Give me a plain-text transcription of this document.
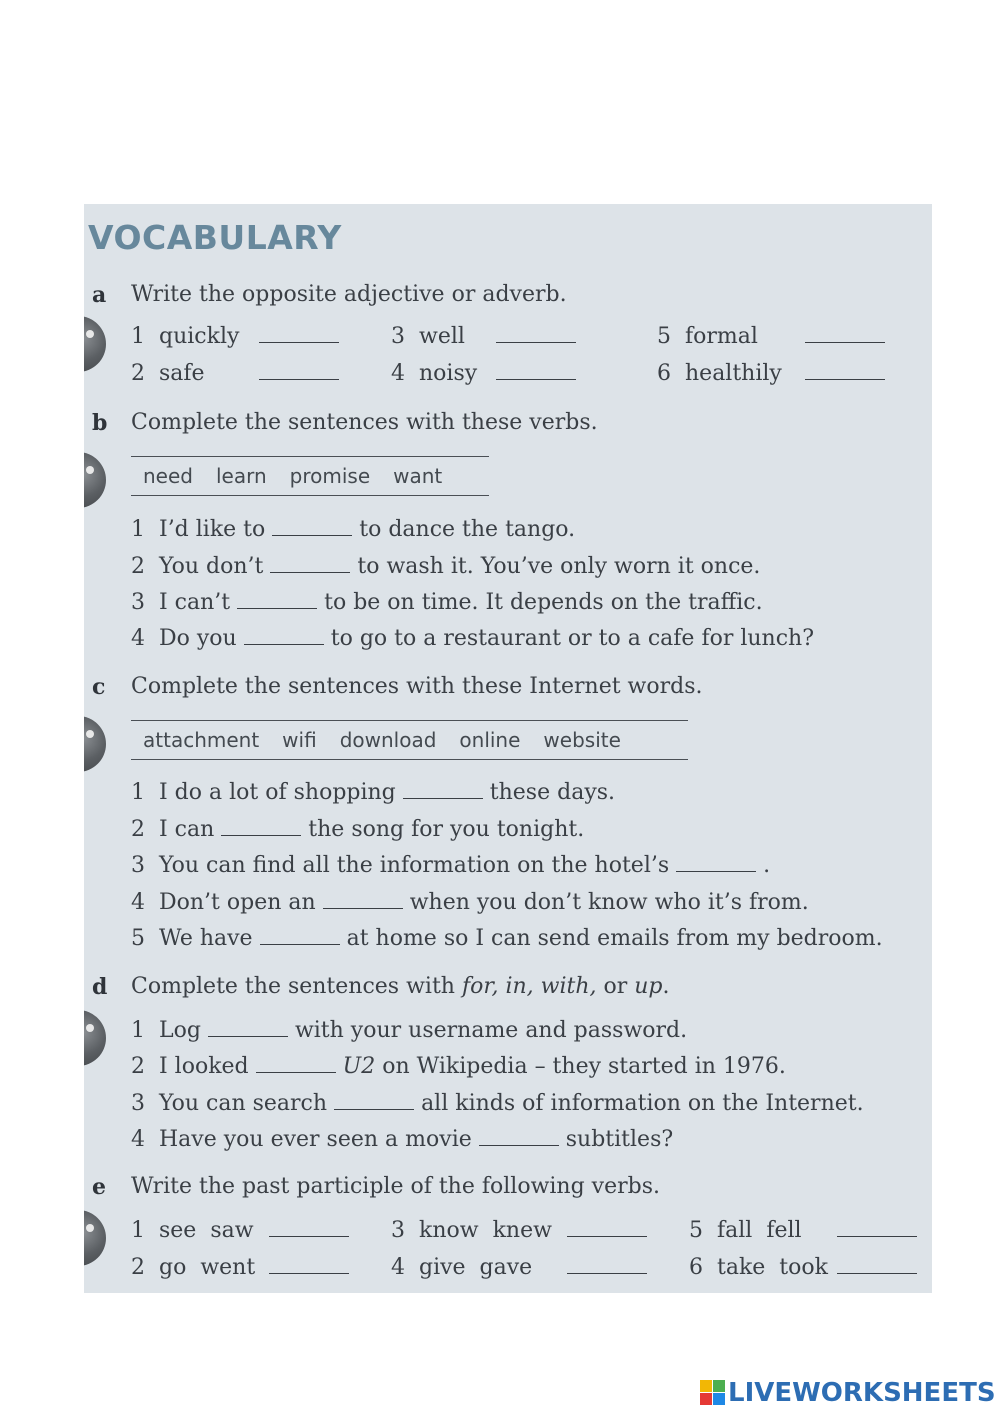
VOCABULARY
a Write the opposite adjective or adverb.
1 quickly	3 well	5 formal
2 safe	4 noisy	6 healthily
b Complete the sentences with these verbs.
need learn promise want
1 I’d like to	to dance the tango.
2 You don’t	to wash it. You’ve only worn it once.
3 I can’t	to be on time. It depends on the traffic.
4 Do you	to go to a restaurant or to a cafe for lunch?
c Complete the sentences with these Internet words.
attachment wifi download online website
1 I do a lot of shopping	these days.
2 I can	the song for you tonight.
3 You can find all the information on the hotel’s	.
4 Don’t open an	when you don’t know who it’s from.
5 We have	at home so I can send emails from my bedroom.
d Complete the sentences with for, in, with, or up.
1 Log	with your username and password.
2 I looked	U2 on Wikipedia – they started in 1976.
3 You can search	all kinds of information on the Internet.
4 Have you ever seen a movie	subtitles?
e Write the past participle of the following verbs.
1 see  saw	3 know  knew	5 fall  fell
2 go  went	4 give  gave	6 take  took
LIVEWORKSHEETS
